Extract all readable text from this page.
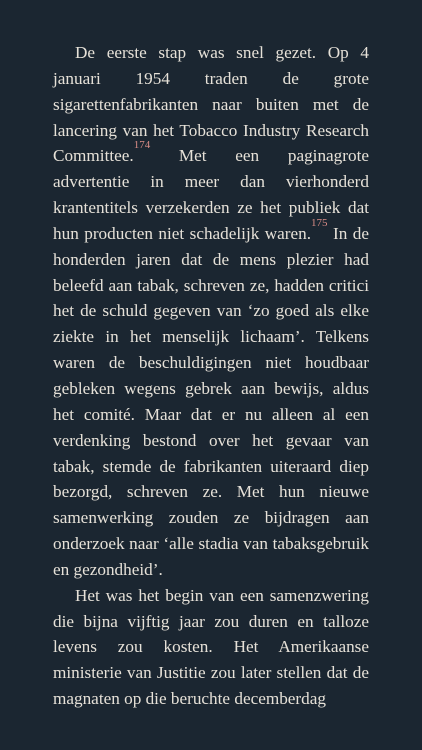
De eerste stap was snel gezet. Op 4 januari 1954 traden de grote sigarettenfabrikanten naar buiten met de lancering van het Tobacco Industry Research Committee.$^{174}$ Met een paginagrote advertentie in meer dan vierhonderd krantentitels verzekerden ze het publiek dat hun producten niet schadelijk waren.$^{175}$ In de honderden jaren dat de mens plezier had beleefd aan tabak, schreven ze, hadden critici het de schuld gegeven van ‘zo goed als elke ziekte in het menselijk lichaam’. Telkens waren de beschuldigingen niet houdbaar gebleken wegens gebrek aan bewijs, aldus het comité. Maar dat er nu alleen al een verdenking bestond over het gevaar van tabak, stemde de fabrikanten uiteraard diep bezorgd, schreven ze. Met hun nieuwe samenwerking zouden ze bijdragen aan onderzoek naar ‘alle stadia van tabaksgebruik en gezondheid’.

Het was het begin van een samenzwering die bijna vijftig jaar zou duren en talloze levens zou kosten. Het Amerikaanse ministerie van Justitie zou later stellen dat de magnaten op die beruchte decemberdag
